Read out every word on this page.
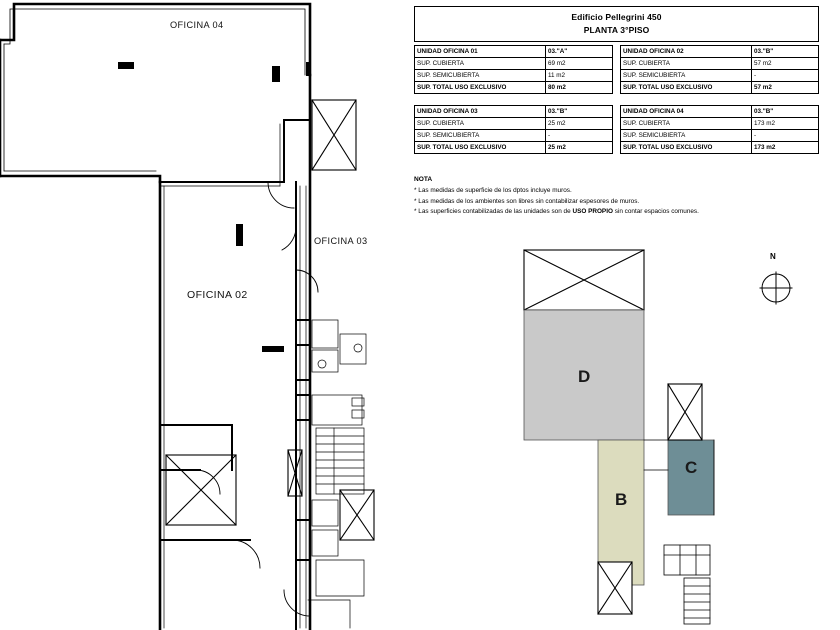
OFICINA 04
OFICINA 03
OFICINA 02
D
B
C
N
Edificio Pellegrini 450
PLANTA 3°PISO
UNIDAD OFICINA 01	03."A"
SUP. CUBIERTA	69 m2
SUP. SEMICUBIERTA	11 m2
SUP. TOTAL USO EXCLUSIVO	80 m2
UNIDAD OFICINA 02	03."B"
SUP. CUBIERTA	57 m2
SUP. SEMICUBIERTA	-
SUP. TOTAL USO EXCLUSIVO	57 m2
UNIDAD OFICINA 03	03."B"
SUP. CUBIERTA	25 m2
SUP. SEMICUBIERTA	-
SUP. TOTAL USO EXCLUSIVO	25 m2
UNIDAD OFICINA 04	03."B"
SUP. CUBIERTA	173 m2
SUP. SEMICUBIERTA	-
SUP. TOTAL USO EXCLUSIVO	173 m2
NOTA
* Las medidas de superficie de los dptos incluye muros.
* Las medidas de los ambientes son libres sin contabilizar espesores de muros.
* Las superficies contabilizadas de las unidades son de USO PROPIO sin contar espacios comunes.
